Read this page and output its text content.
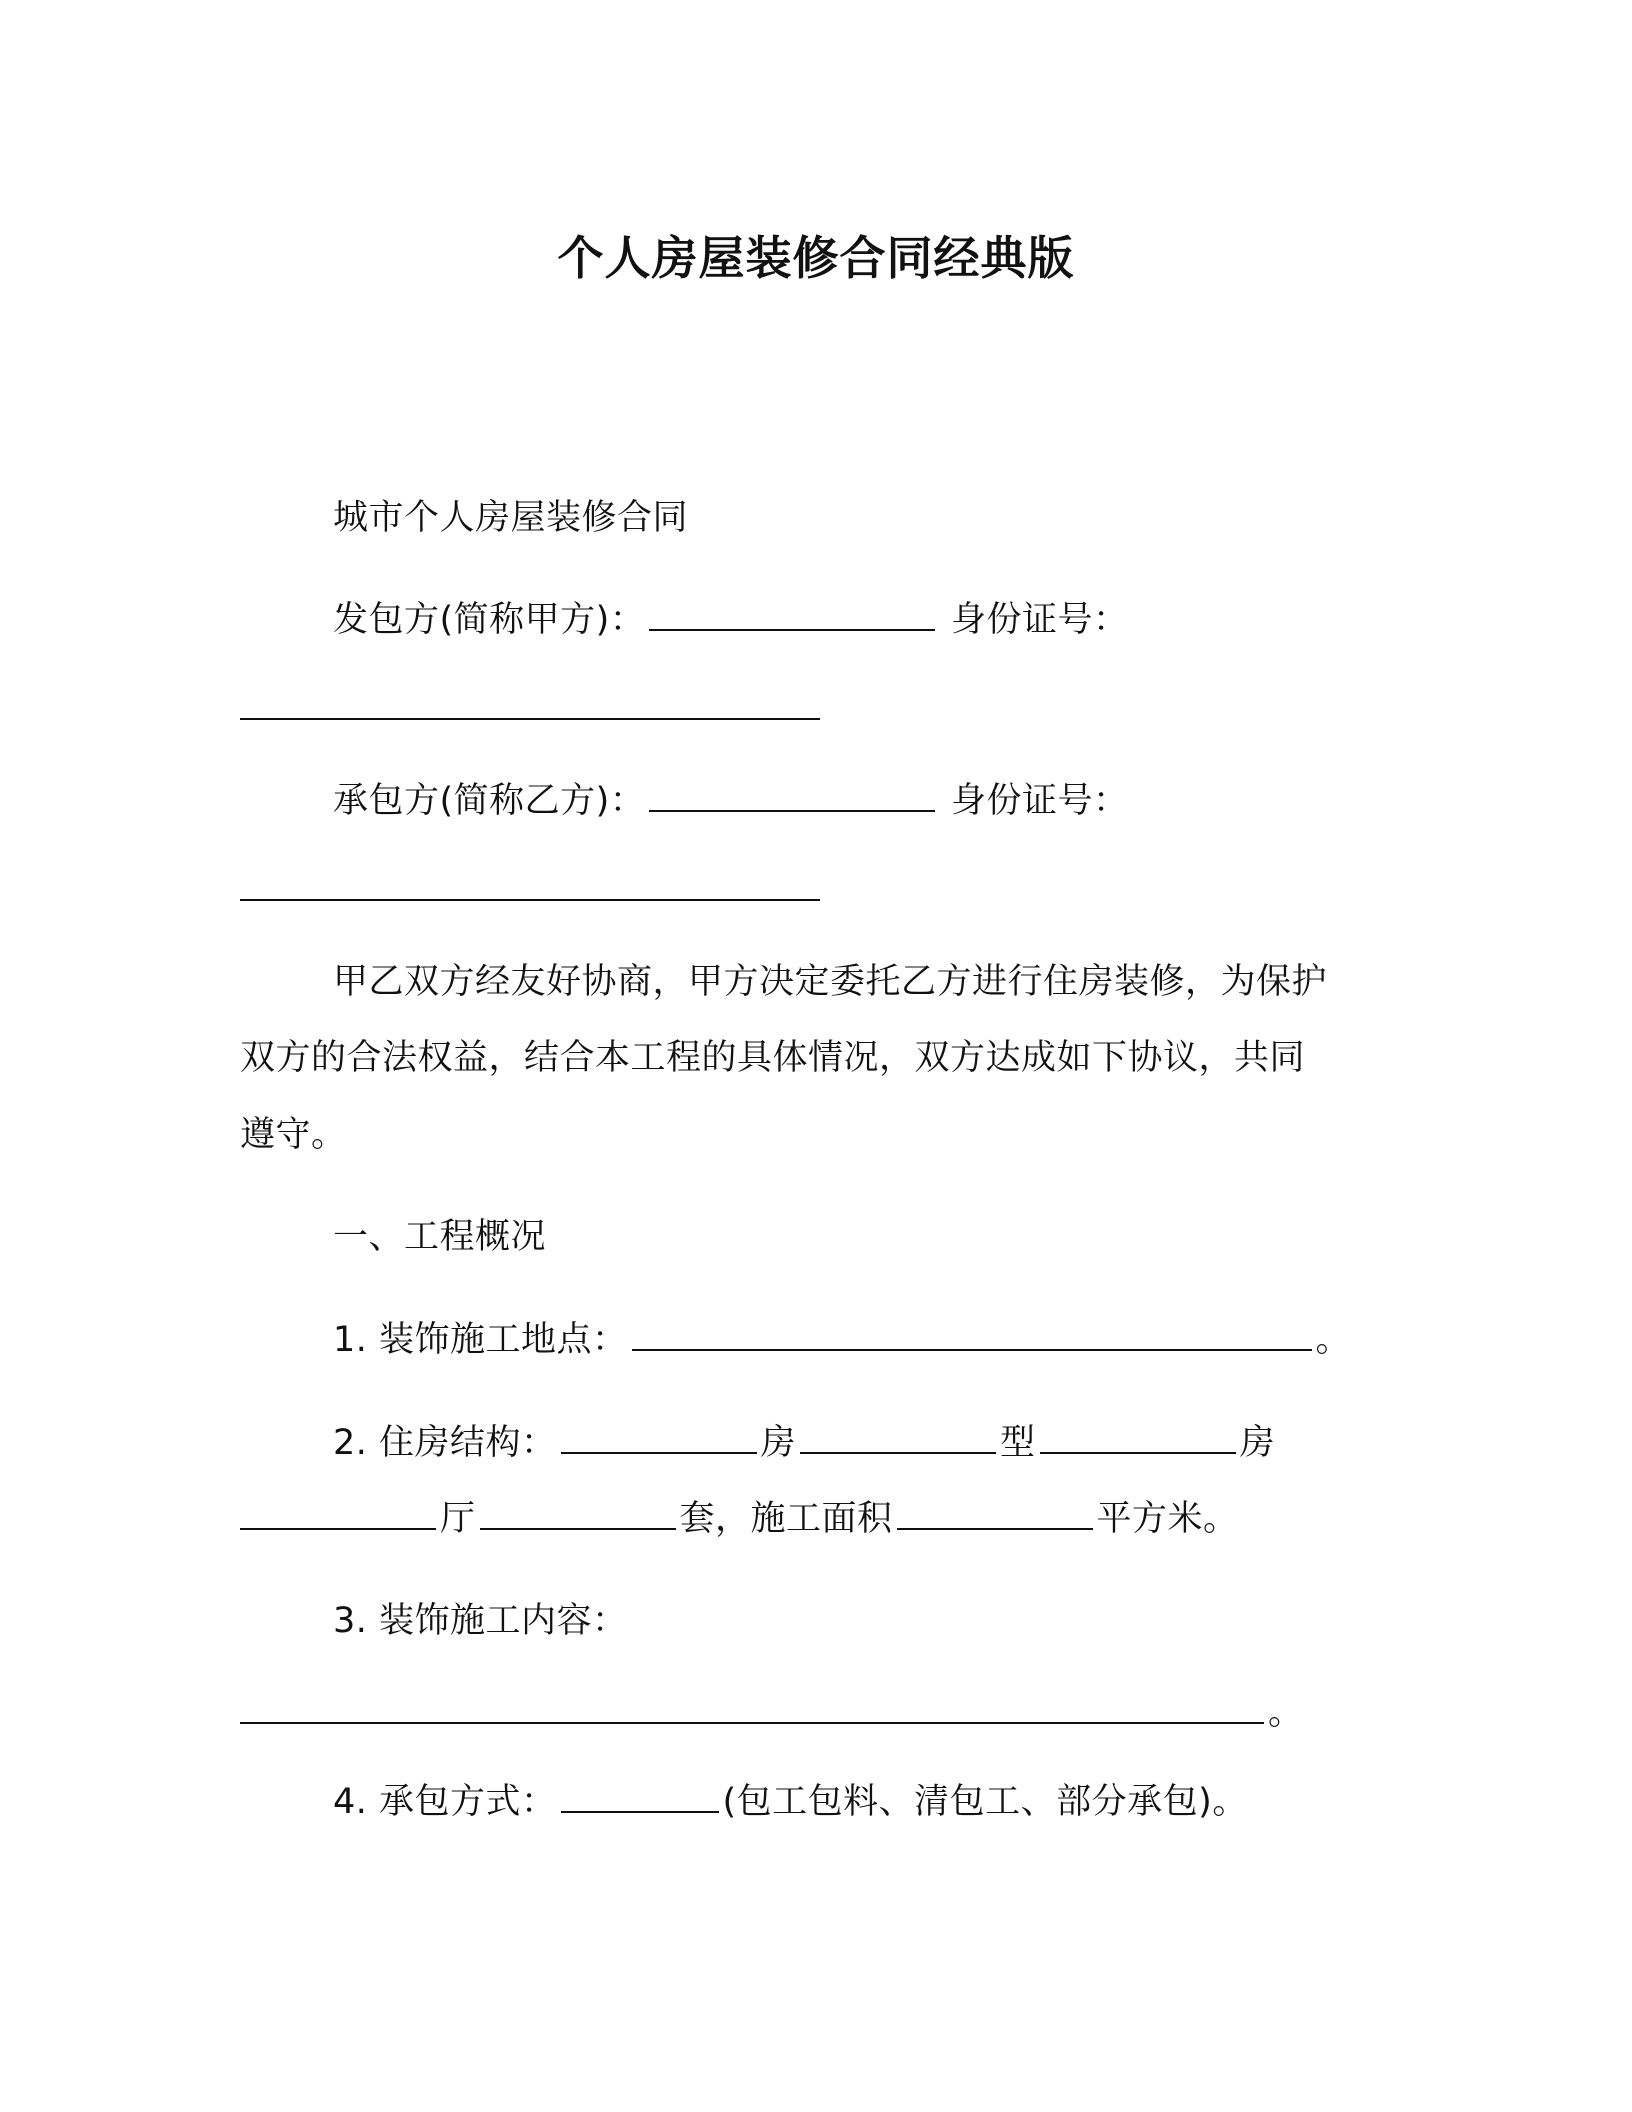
个人房屋装修合同经典版
城市个人房屋装修合同
发包方(简称甲方)：	身份证号：
承包方(简称乙方)：	身份证号：
甲乙双方经友好协商，甲方决定委托乙方进行住房装修，为保护
双方的合法权益，结合本工程的具体情况，双方达成如下协议，共同
遵守。
一、工程概况
1. 装饰施工地点：	。
2. 住房结构：	房	型	房
厅	套，施工面积	平方米。
3. 装饰施工内容：
。
4. 承包方式：	(包工包料、清包工、部分承包)。
